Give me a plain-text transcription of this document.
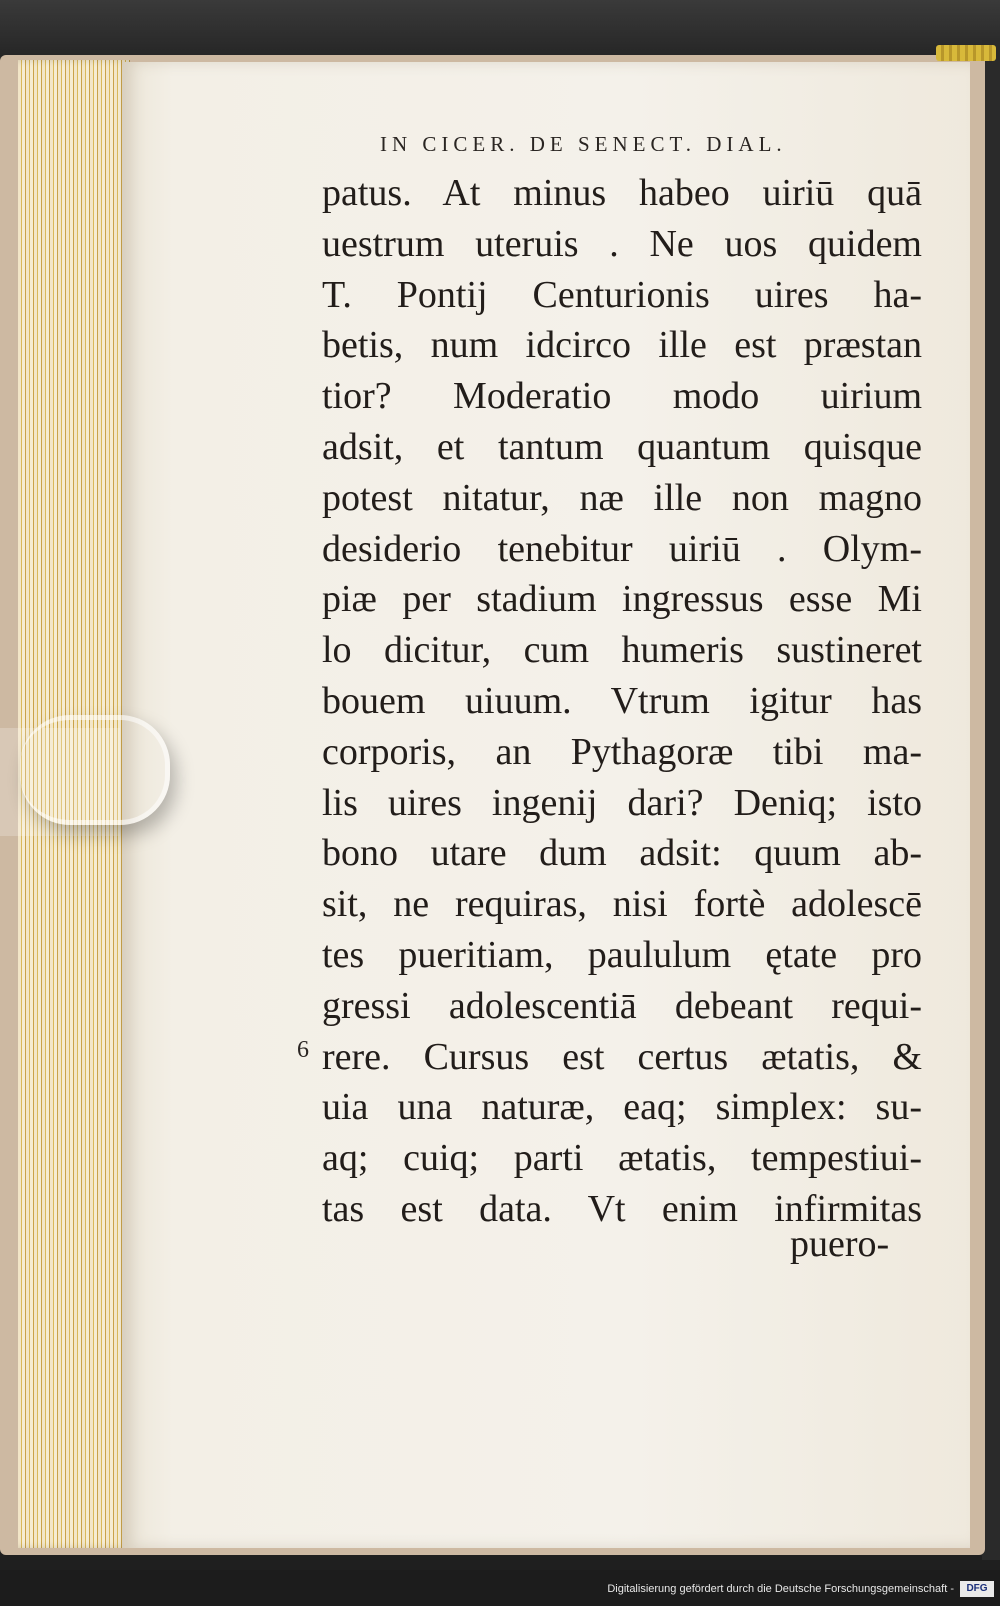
IN CICER. DE SENECT. DIAL.
patus. At minus habeo uiriū quā
uestrum uteruis . Ne uos quidem
T. Pontij Centurionis uires ha-
betis, num idcirco ille est præstan
tior? Moderatio modo uirium
adsit, et tantum quantum quisque
potest nitatur, næ ille non magno
desiderio tenebitur uiriū . Olym-
piæ per stadium ingressus esse Mi
lo dicitur, cum humeris sustineret
bouem uiuum. Vtrum igitur has
corporis, an Pythagoræ tibi ma-
lis uires ingenij dari? Deniq; isto
bono utare dum adsit: quum ab-
sit, ne requiras, nisi fortè adolescē
tes pueritiam, paululum ętate pro
gressi adolescentiā debeant requi-
rere. Cursus est certus ætatis, &
uia una naturæ, eaq; simplex: su-
aq; cuiq; parti ætatis, tempestiui-
tas est data. Vt enim infirmitas
6
puero-
Digitalisierung gefördert durch die Deutsche Forschungsgemeinschaft -	DFG
